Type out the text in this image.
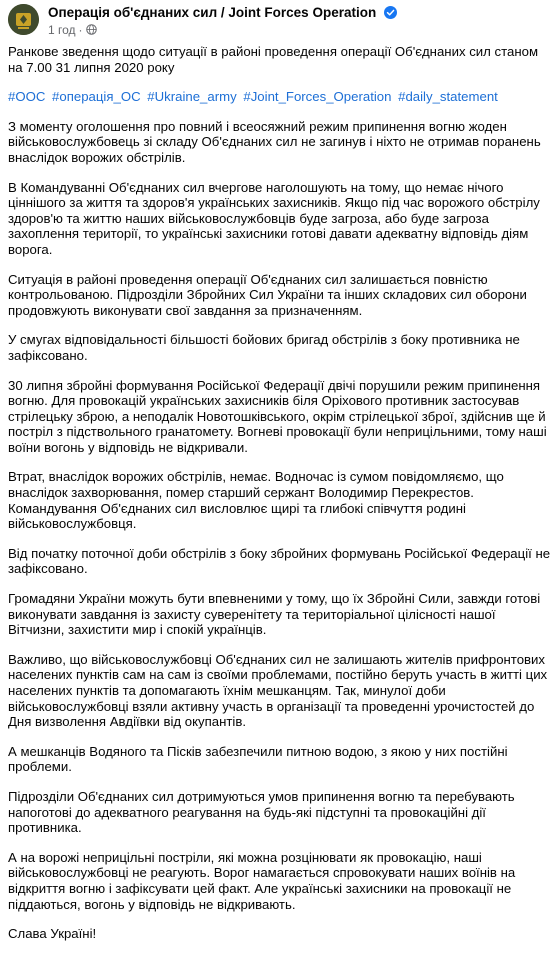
Операція об'єднаних сил / Joint Forces Operation
1 год ·

Ранкове зведення щодо ситуації в районі проведення операції Об'єднаних сил станом на 7.00 31 липня 2020 року

#ООС #операція_ОС #Ukraine_army #Joint_Forces_Operation #daily_statement

З моменту оголошення про повний і всеосяжний режим припинення вогню жоден військовослужбовець зі складу Об'єднаних сил не загинув і ніхто не отримав поранень внаслідок ворожих обстрілів.

В Командуванні Об'єднаних сил вчергове наголошують на тому, що немає нічого ціннішого за життя та здоров'я українських захисників. Якщо під час ворожого обстрілу здоров'ю та життю наших військовослужбовців буде загроза, або буде загроза захоплення території, то українські захисники готові давати адекватну відповідь діям ворога.

Ситуація в районі проведення операції Об'єднаних сил залишається повністю контрольованою. Підрозділи Збройних Сил України та інших складових сил оборони продовжують виконувати свої завдання за призначенням.

У смугах відповідальності більшості бойових бригад обстрілів з боку противника не зафіксовано.

30 липня збройні формування Російської Федерації двічі порушили режим припинення вогню. Для провокацій українських захисників біля Оріхового противник застосував стрілецьку зброю, а неподалік Новотошківського, окрім стрілецької зброї, здійснив ще й постріл з підствольного гранатомету. Вогневі провокації були неприцільними, тому наші воїни вогонь у відповідь не відкривали.

Втрат, внаслідок ворожих обстрілів, немає. Водночас із сумом повідомляємо, що внаслідок захворювання, помер старший сержант Володимир Перекрестов. Командування Об'єднаних сил висловлює щирі та глибокі співчуття родині військовослужбовця.

Від початку поточної доби обстрілів з боку збройних формувань Російської Федерації не зафіксовано.

Громадяни України можуть бути впевненими у тому, що їх Збройні Сили, завжди готові виконувати завдання із захисту суверенітету та територіальної цілісності нашої Вітчизни, захистити мир і спокій українців.

Важливо, що військовослужбовці Об'єднаних сил не залишають жителів прифронтових населених пунктів сам на сам із своїми проблемами, постійно беруть участь в житті цих населених пунктів та допомагають їхнім мешканцям. Так, минулої доби військовослужбовці взяли активну участь в організації та проведенні урочистостей до Дня визволення Авдіївки від окупантів.

А мешканців Водяного та Пісків забезпечили питною водою, з якою у них постійні проблеми.

Підрозділи Об'єднаних сил дотримуються умов припинення вогню та перебувають напоготові до адекватного реагування на будь-які підступні та провокаційні дії противника.

А на ворожі неприцільні постріли, які можна розцінювати як провокацію, наші військовослужбовці не реагують. Ворог намагається спровокувати наших воїнів на відкриття вогню і зафіксувати цей факт. Але українські захисники на провокації не піддаються, вогонь у відповідь не відкривають.

Слава Україні!
